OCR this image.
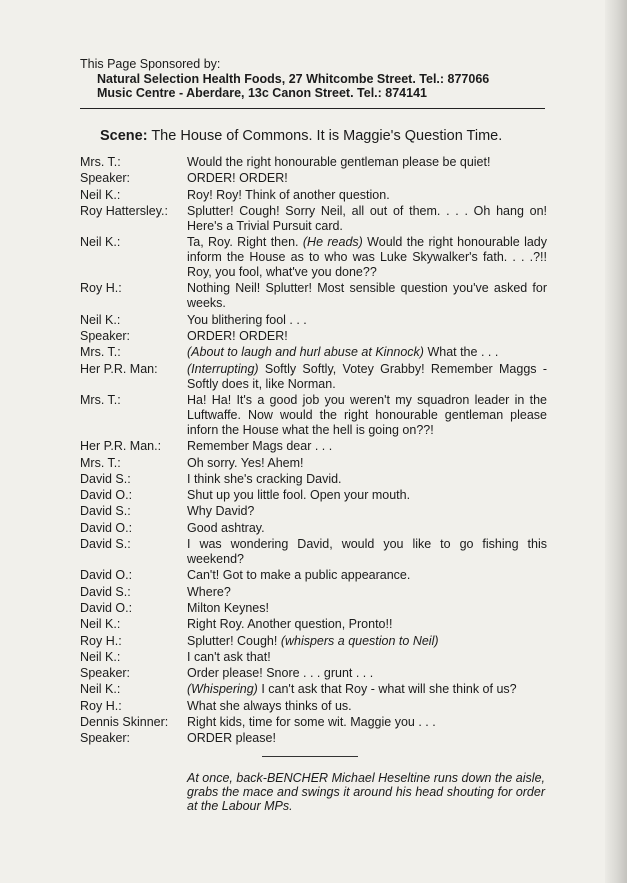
This Page Sponsored by:
Natural Selection Health Foods, 27 Whitcombe Street. Tel.: 877066
Music Centre - Aberdare, 13c Canon Street. Tel.: 874141
Scene: The House of Commons. It is Maggie's Question Time.
Mrs. T.:	Would the right honourable gentleman please be quiet!
Speaker:	ORDER! ORDER!
Neil K.:	Roy! Roy! Think of another question.
Roy Hattersley.:	Splutter! Cough! Sorry Neil, all out of them. . . . Oh hang on! Here's a Trivial Pursuit card.
Neil K.:	Ta, Roy. Right then. (He reads) Would the right honourable lady inform the House as to who was Luke Skywalker's fath. . . .?!! Roy, you fool, what've you done??
Roy H.:	Nothing Neil! Splutter! Most sensible question you've asked for weeks.
Neil K.:	You blithering fool . . .
Speaker:	ORDER! ORDER!
Mrs. T.:	(About to laugh and hurl abuse at Kinnock) What the . . .
Her P.R. Man:	(Interrupting) Softly Softly, Votey Grabby! Remember Maggs - Softly does it, like Norman.
Mrs. T.:	Ha! Ha! It's a good job you weren't my squadron leader in the Luftwaffe. Now would the right honourable gentleman please inforn the House what the hell is going on??!
Her P.R. Man.:	Remember Mags dear . . .
Mrs. T.:	Oh sorry. Yes! Ahem!
David S.:	I think she's cracking David.
David O.:	Shut up you little fool. Open your mouth.
David S.:	Why David?
David O.:	Good ashtray.
David S.:	I was wondering David, would you like to go fishing this weekend?
David O.:	Can't! Got to make a public appearance.
David S.:	Where?
David O.:	Milton Keynes!
Neil K.:	Right Roy. Another question, Pronto!!
Roy H.:	Splutter! Cough! (whispers a question to Neil)
Neil K.:	I can't ask that!
Speaker:	Order please! Snore . . . grunt . . .
Neil K.:	(Whispering) I can't ask that Roy - what will she think of us?
Roy H.:	What she always thinks of us.
Dennis Skinner:	Right kids, time for some wit. Maggie you . . .
Speaker:	ORDER please!
At once, back-BENCHER Michael Heseltine runs down the aisle, grabs the mace and swings it around his head shouting for order at the Labour MPs.
